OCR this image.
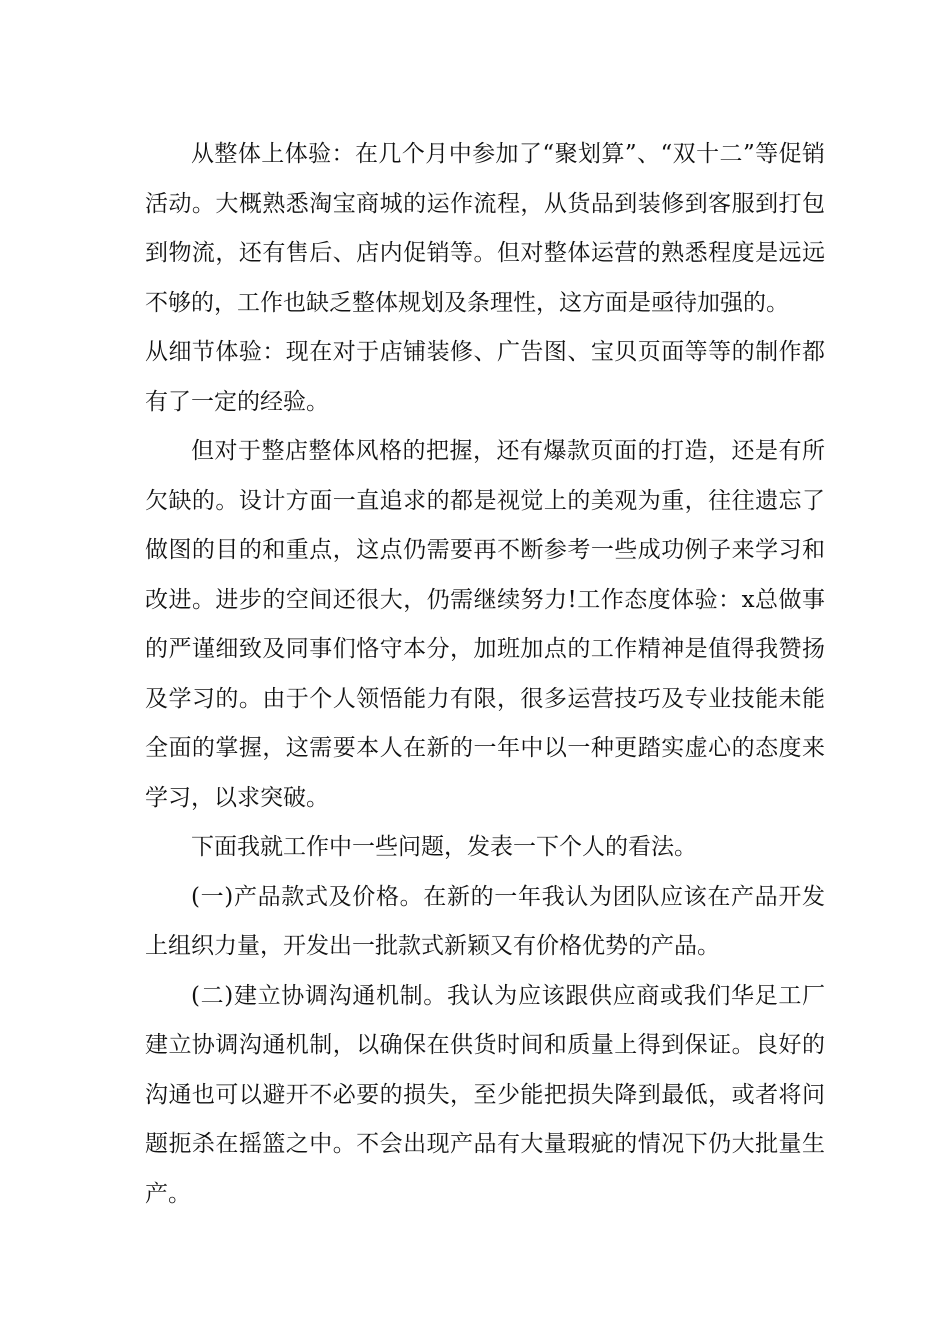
从整体上体验：在几个月中参加了“聚划算”、“双十二”等促销活动。大概熟悉淘宝商城的运作流程，从货品到装修到客服到打包到物流，还有售后、店内促销等。但对整体运营的熟悉程度是远远不够的，工作也缺乏整体规划及条理性，这方面是亟待加强的。

从细节体验：现在对于店铺装修、广告图、宝贝页面等等的制作都有了一定的经验。

但对于整店整体风格的把握，还有爆款页面的打造，还是有所欠缺的。设计方面一直追求的都是视觉上的美观为重，往往遗忘了做图的目的和重点，这点仍需要再不断参考一些成功例子来学习和改进。进步的空间还很大，仍需继续努力!工作态度体验：x总做事的严谨细致及同事们恪守本分，加班加点的工作精神是值得我赞扬及学习的。由于个人领悟能力有限，很多运营技巧及专业技能未能全面的掌握，这需要本人在新的一年中以一种更踏实虚心的态度来学习，以求突破。

下面我就工作中一些问题，发表一下个人的看法。

(一)产品款式及价格。在新的一年我认为团队应该在产品开发上组织力量，开发出一批款式新颖又有价格优势的产品。

(二)建立协调沟通机制。我认为应该跟供应商或我们华足工厂建立协调沟通机制，以确保在供货时间和质量上得到保证。良好的沟通也可以避开不必要的损失，至少能把损失降到最低，或者将问题扼杀在摇篮之中。不会出现产品有大量瑕疵的情况下仍大批量生产。
